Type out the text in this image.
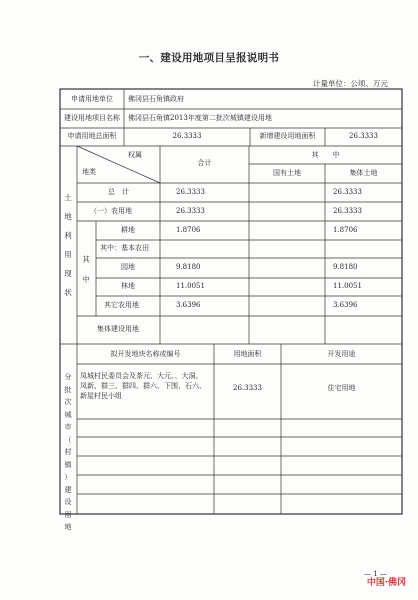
一、建设用地项目呈报说明书
计量单位：公顷、万元
申请用地单位	佛冈县石角镇政府
建设用地项目名称	佛冈县石角镇2013年度第二批次城镇建设用地
申请用地总面积	26.3333	新增建设用地面积	26.3333
土
地
利
用
现
状
权属
地类
合计
其　　中
国有土地	集体土地
总　计	26.3333	26.3333
（一）农用地	26.3333	26.3333
其
中
耕地	1.8706	1.8706
其中：基本农田
园地	9.8180	9.8180
林地	11.0051	11.0051
其它农用地	3.6396	3.6396
集体建设用地
分
批
次
城
市
（
村
镇
）
建
设
用
地
拟开发地块名称或编号	用地面积	开发用途
凤城村民委员会及茶元、大元、、大洞、
凤新、群三、群四、群六、下围、石六、
新屋村民小组
26.3333	住宅用地
— 1 —
中国·佛冈
